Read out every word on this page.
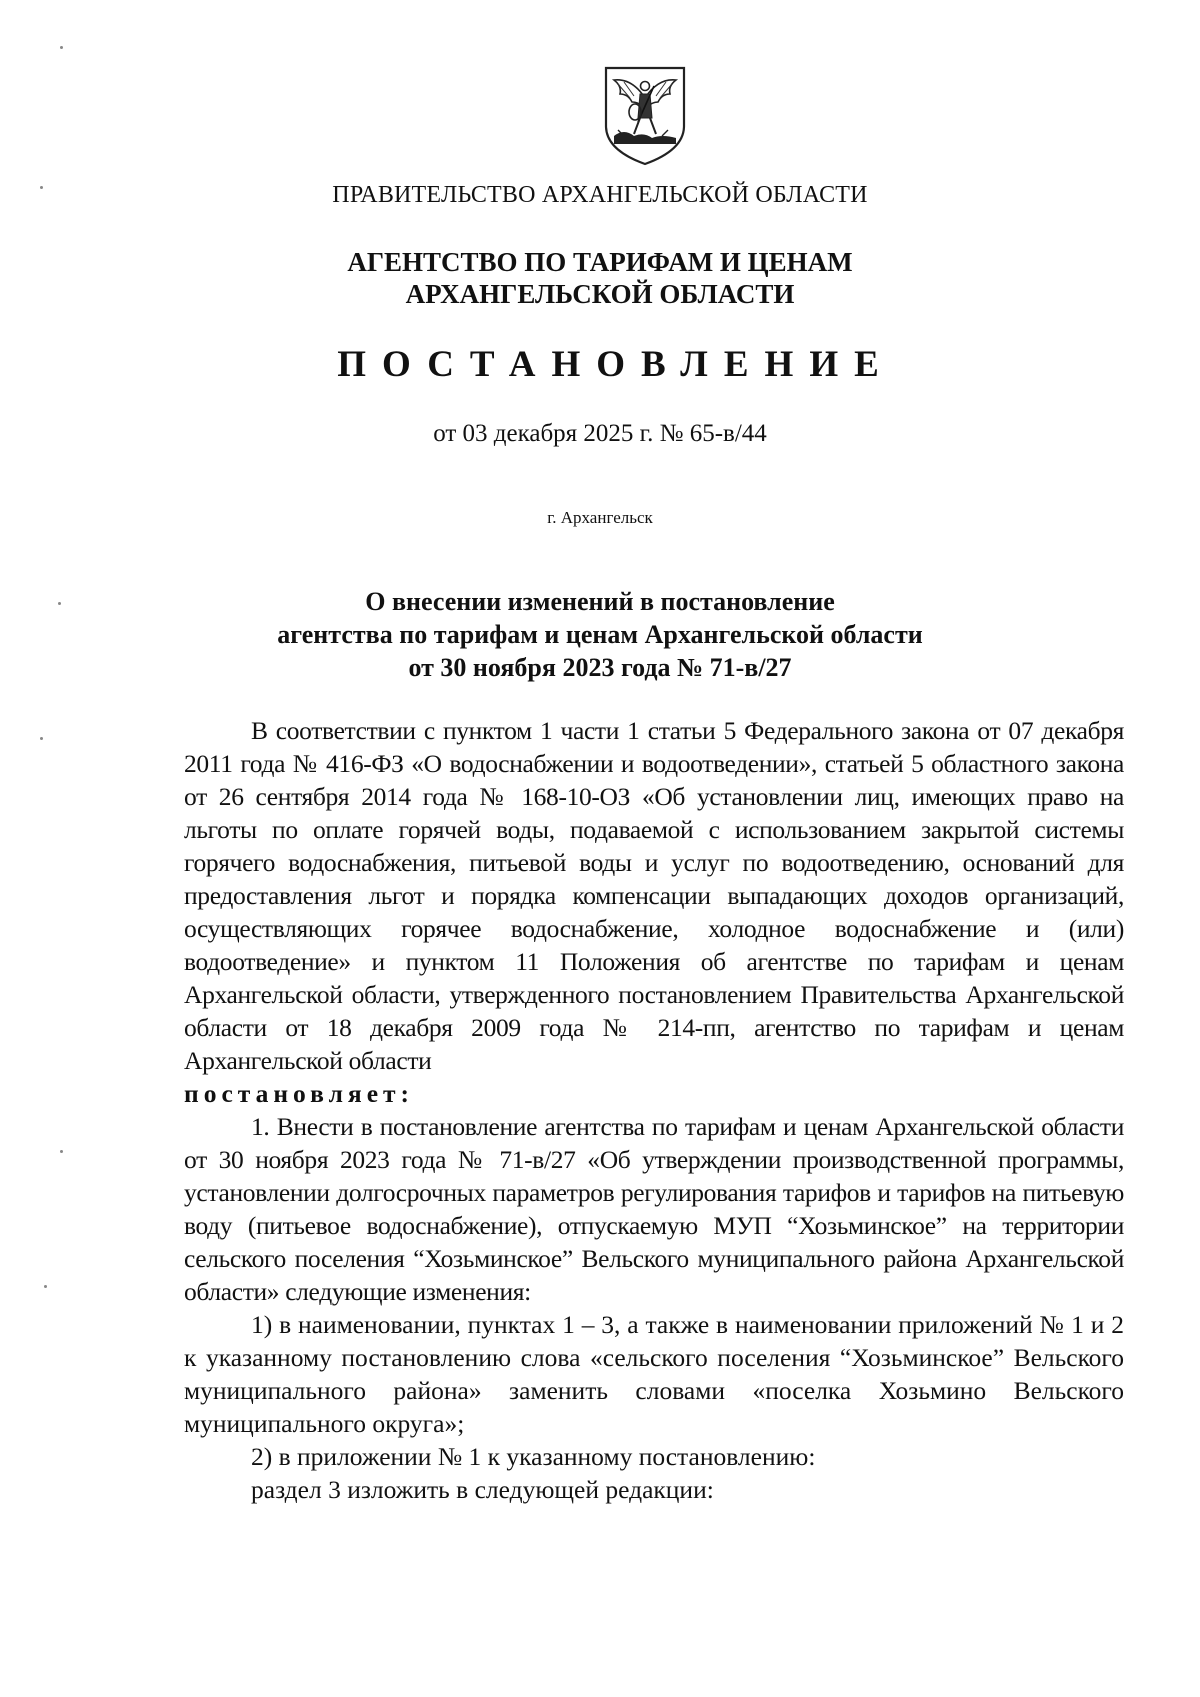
ПРАВИТЕЛЬСТВО АРХАНГЕЛЬСКОЙ ОБЛАСТИ
АГЕНТСТВО ПО ТАРИФАМ И ЦЕНАМ
АРХАНГЕЛЬСКОЙ ОБЛАСТИ
ПОСТАНОВЛЕНИЕ
от 03 декабря 2025 г. № 65-в/44
г. Архангельск
О внесении изменений в постановление
агентства по тарифам и ценам Архангельской области
от 30 ноября 2023 года № 71-в/27

В соответствии с пунктом 1 части 1 статьи 5 Федерального закона от 07 декабря 2011 года № 416-ФЗ «О водоснабжении и водоотведении», статьей 5 областного закона от 26 сентября 2014 года № 168-10-ОЗ «Об установлении лиц, имеющих право на льготы по оплате горячей воды, подаваемой с использованием закрытой системы горячего водоснабжения, питьевой воды и услуг по водоотведению, оснований для предоставления льгот и порядка компенсации выпадающих доходов организаций, осуществляющих горячее водоснабжение, холодное водоснабжение и (или) водоотведение» и пунктом 11 Положения об агентстве по тарифам и ценам Архангельской области, утвержденного постановлением Правительства Архангельской области от 18 декабря 2009 года № 214-пп, агентство по тарифам и ценам Архангельской области

постановляет:

1. Внести в постановление агентства по тарифам и ценам Архангельской области от 30 ноября 2023 года № 71-в/27 «Об утверждении производственной программы, установлении долгосрочных параметров регулирования тарифов и тарифов на питьевую воду (питьевое водоснабжение), отпускаемую МУП “Хозьминское” на территории сельского поселения “Хозьминское” Вельского муниципального района Архангельской области» следующие изменения:

1) в наименовании, пунктах 1 – 3, а также в наименовании приложений № 1 и 2 к указанному постановлению слова «сельского поселения “Хозьминское” Вельского муниципального района» заменить словами «поселка Хозьмино Вельского муниципального округа»;

2) в приложении № 1 к указанному постановлению:

раздел 3 изложить в следующей редакции:
